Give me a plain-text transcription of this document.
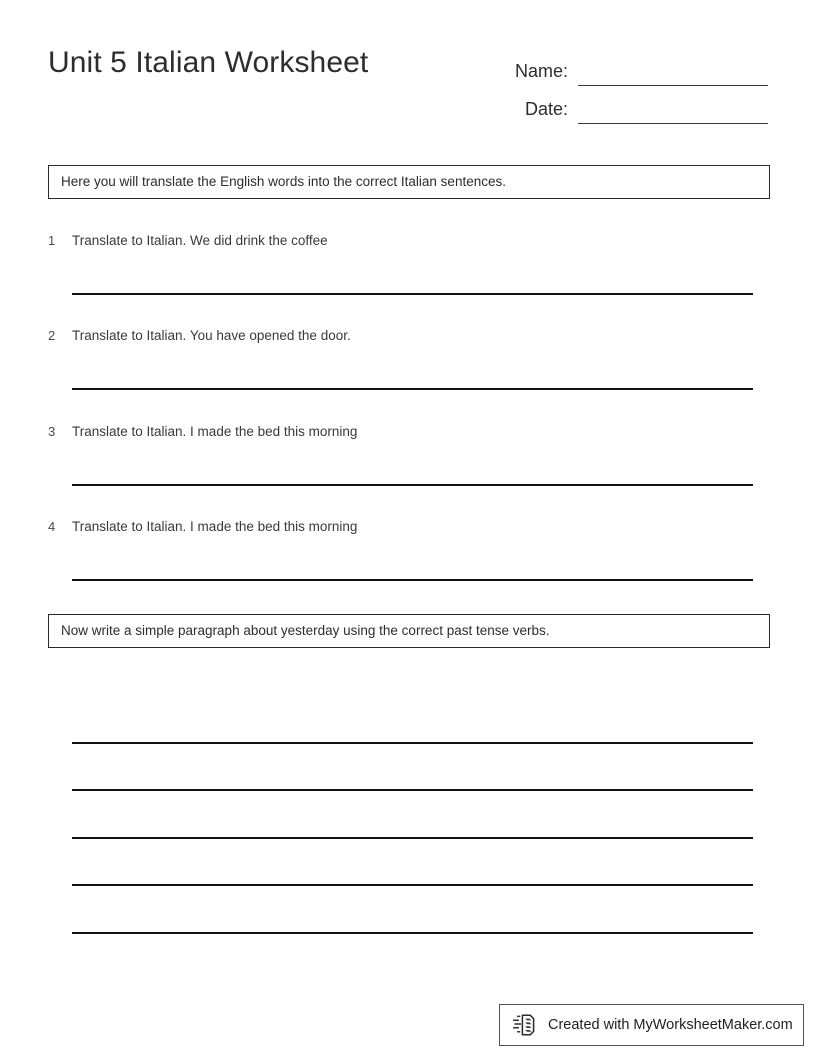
Unit 5 Italian Worksheet	Name:
Date:
Here you will translate the English words into the correct Italian sentences.
1	Translate to Italian. We did drink the coffee
2	Translate to Italian. You have opened the door.
3	Translate to Italian. I made the bed this morning
4	Translate to Italian. I made the bed this morning
Now write a simple paragraph about yesterday using the correct past tense verbs.
Created with MyWorksheetMaker.com
